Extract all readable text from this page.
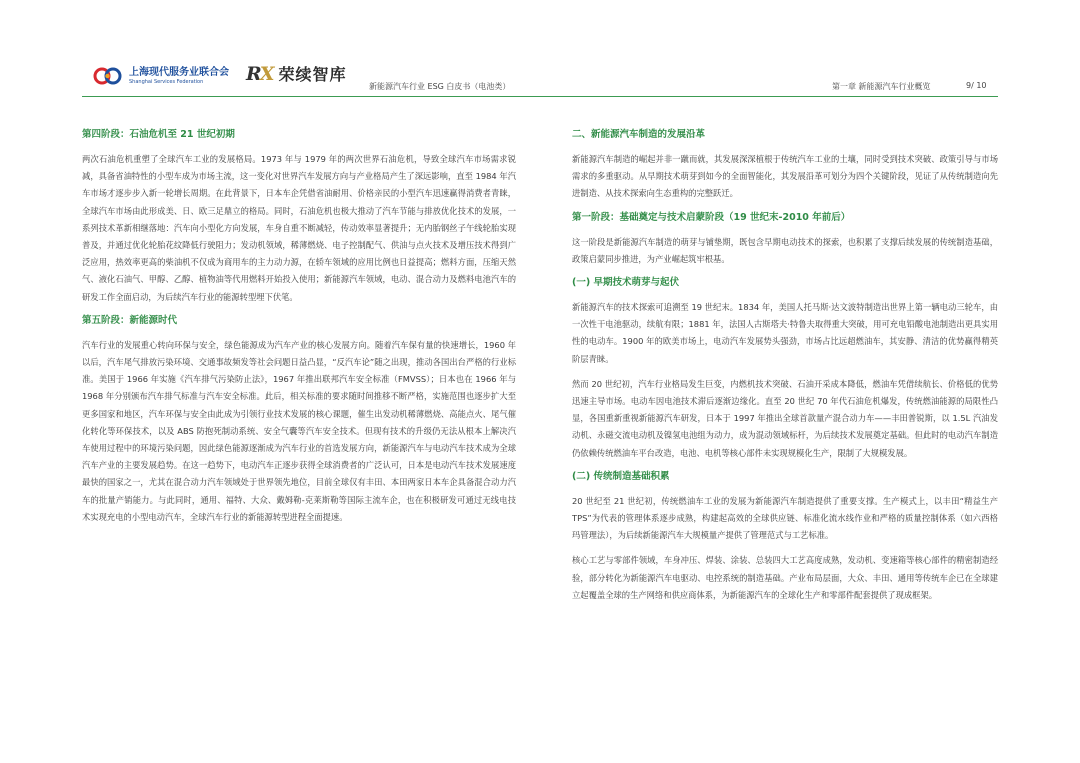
上海现代服务业联合会
Shanghai Services Federation	RX 荣续智库
新能源汽车行业 ESG 白皮书（电池类）	第一章 新能源汽车行业概览	9/ 10
第四阶段：石油危机至 21 世纪初期

两次石油危机重塑了全球汽车工业的发展格局。1973 年与 1979 年的两次世界石油危机，导致全球汽车市场需求锐减，具备省油特性的小型车成为市场主流，这一变化对世界汽车发展方向与产业格局产生了深远影响，直至 1984 年汽车市场才逐步步入新一轮增长周期。在此背景下，日本车企凭借省油耐用、价格亲民的小型汽车迅速赢得消费者青睐，全球汽车市场由此形成美、日、欧三足鼎立的格局。同时，石油危机也极大推动了汽车节能与排放优化技术的发展，一系列技术革新相继落地：汽车向小型化方向发展，车身自重不断减轻，传动效率显著提升；无内胎钢丝子午线轮胎实现普及，并通过优化轮胎花纹降低行驶阻力；发动机领域，稀薄燃烧、电子控制配气、供油与点火技术及增压技术得到广泛应用，热效率更高的柴油机不仅成为商用车的主力动力源，在轿车领域的应用比例也日益提高；燃料方面，压缩天然气、液化石油气、甲醇、乙醇、植物油等代用燃料开始投入使用；新能源汽车领域，电动、混合动力及燃料电池汽车的研发工作全面启动，为后续汽车行业的能源转型埋下伏笔。

第五阶段：新能源时代

汽车行业的发展重心转向环保与安全，绿色能源成为汽车产业的核心发展方向。随着汽车保有量的快速增长，1960 年以后，汽车尾气排放污染环境、交通事故频发等社会问题日益凸显，“反汽车论”随之出现，推动各国出台严格的行业标准。美国于 1966 年实施《汽车排气污染防止法》，1967 年推出联邦汽车安全标准（FMVSS）；日本也在 1966 年与 1968 年分别颁布汽车排气标准与汽车安全标准。此后，相关标准的要求随时间推移不断严格，实施范围也逐步扩大至更多国家和地区，汽车环保与安全由此成为引领行业技术发展的核心课题，催生出发动机稀薄燃烧、高能点火、尾气催化转化等环保技术，以及 ABS 防抱死制动系统、安全气囊等汽车安全技术。但现有技术的升级仍无法从根本上解决汽车使用过程中的环境污染问题，因此绿色能源逐渐成为汽车行业的首选发展方向，新能源汽车与电动汽车技术成为全球汽车产业的主要发展趋势。在这一趋势下，电动汽车正逐步获得全球消费者的广泛认可，日本是电动汽车技术发展速度最快的国家之一，尤其在混合动力汽车领域处于世界领先地位，目前全球仅有丰田、本田两家日本车企具备混合动力汽车的批量产销能力。与此同时，通用、福特、大众、戴姆勒-克莱斯勒等国际主流车企，也在积极研发可通过无线电技术实现充电的小型电动汽车，全球汽车行业的新能源转型进程全面提速。

二、新能源汽车制造的发展沿革

新能源汽车制造的崛起并非一蹴而就，其发展深深植根于传统汽车工业的土壤，同时受到技术突破、政策引导与市场需求的多重驱动。从早期技术萌芽到如今的全面智能化，其发展沿革可划分为四个关键阶段，见证了从传统制造向先进制造、从技术探索向生态重构的完整跃迁。

第一阶段：基础奠定与技术启蒙阶段（19 世纪末-2010 年前后）

这一阶段是新能源汽车制造的萌芽与铺垫期，既包含早期电动技术的探索，也积累了支撑后续发展的传统制造基础，政策启蒙同步推进，为产业崛起筑牢根基。

(一) 早期技术萌芽与起伏

新能源汽车的技术探索可追溯至 19 世纪末。1834 年，美国人托马斯·达文波特制造出世界上第一辆电动三轮车，由一次性干电池驱动，续航有限；1881 年，法国人古斯塔夫·特鲁夫取得重大突破，用可充电铅酸电池制造出更具实用性的电动车。1900 年的欧美市场上，电动汽车发展势头强劲，市场占比远超燃油车，其安静、清洁的优势赢得精英阶层青睐。

然而 20 世纪初，汽车行业格局发生巨变，内燃机技术突破、石油开采成本降低，燃油车凭借续航长、价格低的优势迅速主导市场。电动车因电池技术滞后逐渐边缘化。直至 20 世纪 70 年代石油危机爆发，传统燃油能源的局限性凸显，各国重新重视新能源汽车研发，日本于 1997 年推出全球首款量产混合动力车——丰田普锐斯，以 1.5L 汽油发动机、永磁交流电动机及镍氢电池组为动力，成为混动领域标杆，为后续技术发展奠定基础。但此时的电动汽车制造仍依赖传统燃油车平台改造，电池、电机等核心部件未实现规模化生产，限制了大规模发展。

(二) 传统制造基础积累

20 世纪至 21 世纪初，传统燃油车工业的发展为新能源汽车制造提供了重要支撑。生产模式上，以丰田“精益生产 TPS”为代表的管理体系逐步成熟，构建起高效的全球供应链、标准化流水线作业和严格的质量控制体系（如六西格玛管理法），为后续新能源汽车大规模量产提供了管理范式与工艺标准。

核心工艺与零部件领域，车身冲压、焊装、涂装、总装四大工艺高度成熟，发动机、变速箱等核心部件的精密制造经验，部分转化为新能源汽车电驱动、电控系统的制造基础。产业布局层面，大众、丰田、通用等传统车企已在全球建立起覆盖全球的生产网络和供应商体系，为新能源汽车的全球化生产和零部件配套提供了现成框架。
